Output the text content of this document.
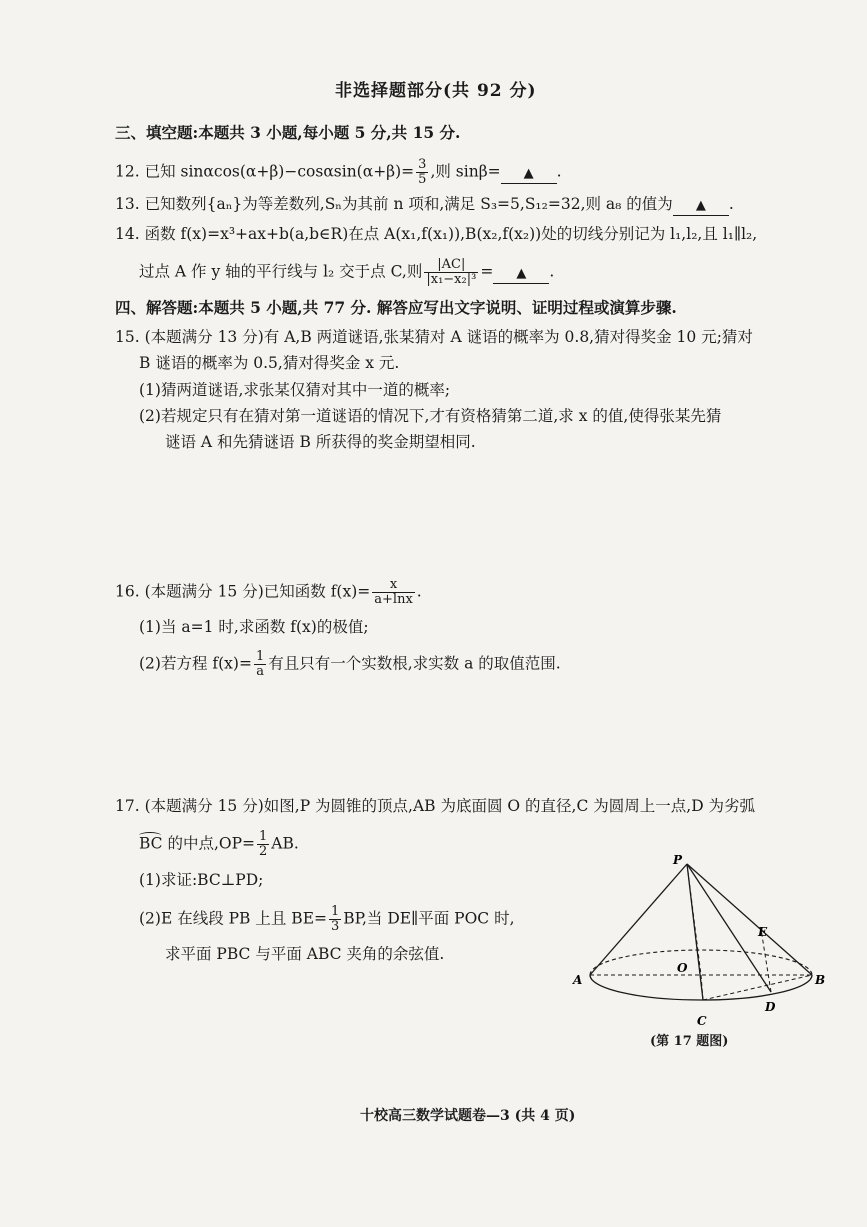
非选择题部分(共 92 分)
三、填空题:本题共 3 小题,每小题 5 分,共 15 分.
12. 已知 $\sin\alpha\cos(\alpha+\beta)-\cos\alpha\sin(\alpha+\beta)= \frac{3}{5}$ ,则 sinβ= ▲ .
13. 已知数列{aₙ}为等差数列,Sₙ为其前 n 项和,满足 S₃=5,S₁₂=32,则 a₈ 的值为 ▲ .
14. 函数 f(x)=x³+ax+b(a,b∈R)在点 A(x₁,f(x₁)),B(x₂,f(x₂))处的切线分别记为 l₁,l₂,且 l₁∥l₂,
过点 A 作 y 轴的平行线与 l₂ 交于点 C,则 $\frac{|AC|}{\text{|x₁−x₂|³}}$ = ▲ .
四、解答题:本题共 5 小题,共 77 分. 解答应写出文字说明、证明过程或演算步骤.
15. (本题满分 13 分)有 A,B 两道谜语,张某猜对 A 谜语的概率为 0.8,猜对得奖金 10 元;猜对
B 谜语的概率为 0.5,猜对得奖金 x 元.
(1)猜两道谜语,求张某仅猜对其中一道的概率;
(2)若规定只有在猜对第一道谜语的情况下,才有资格猜第二道,求 x 的值,使得张某先猜
谜语 A 和先猜谜语 B 所获得的奖金期望相同.
16. (本题满分 15 分)已知函数 $f(x)= \frac{x}{a+\ln x}$ .
(1)当 a=1 时,求函数 f(x)的极值;
(2)若方程 $f(x)= \frac{1}{a}$ 有且只有一个实数根,求实数 a 的取值范围.
17. (本题满分 15 分)如图,P 为圆锥的顶点,AB 为底面圆 O 的直径,C 为圆周上一点,D 为劣弧
BC 的中点$,OP= \frac{1}{2}$ AB.
(1)求证:BC⊥PD;
(2)E 在线段 PB 上且 $BE= \frac{1}{3}$ BP,当 DE∥平面 POC 时,
求平面 PBC 与平面 ABC 夹角的余弦值.
P
A	B
C
D
E
O
(第 17 题图)
十校高三数学试题卷—3 (共 4 页)
